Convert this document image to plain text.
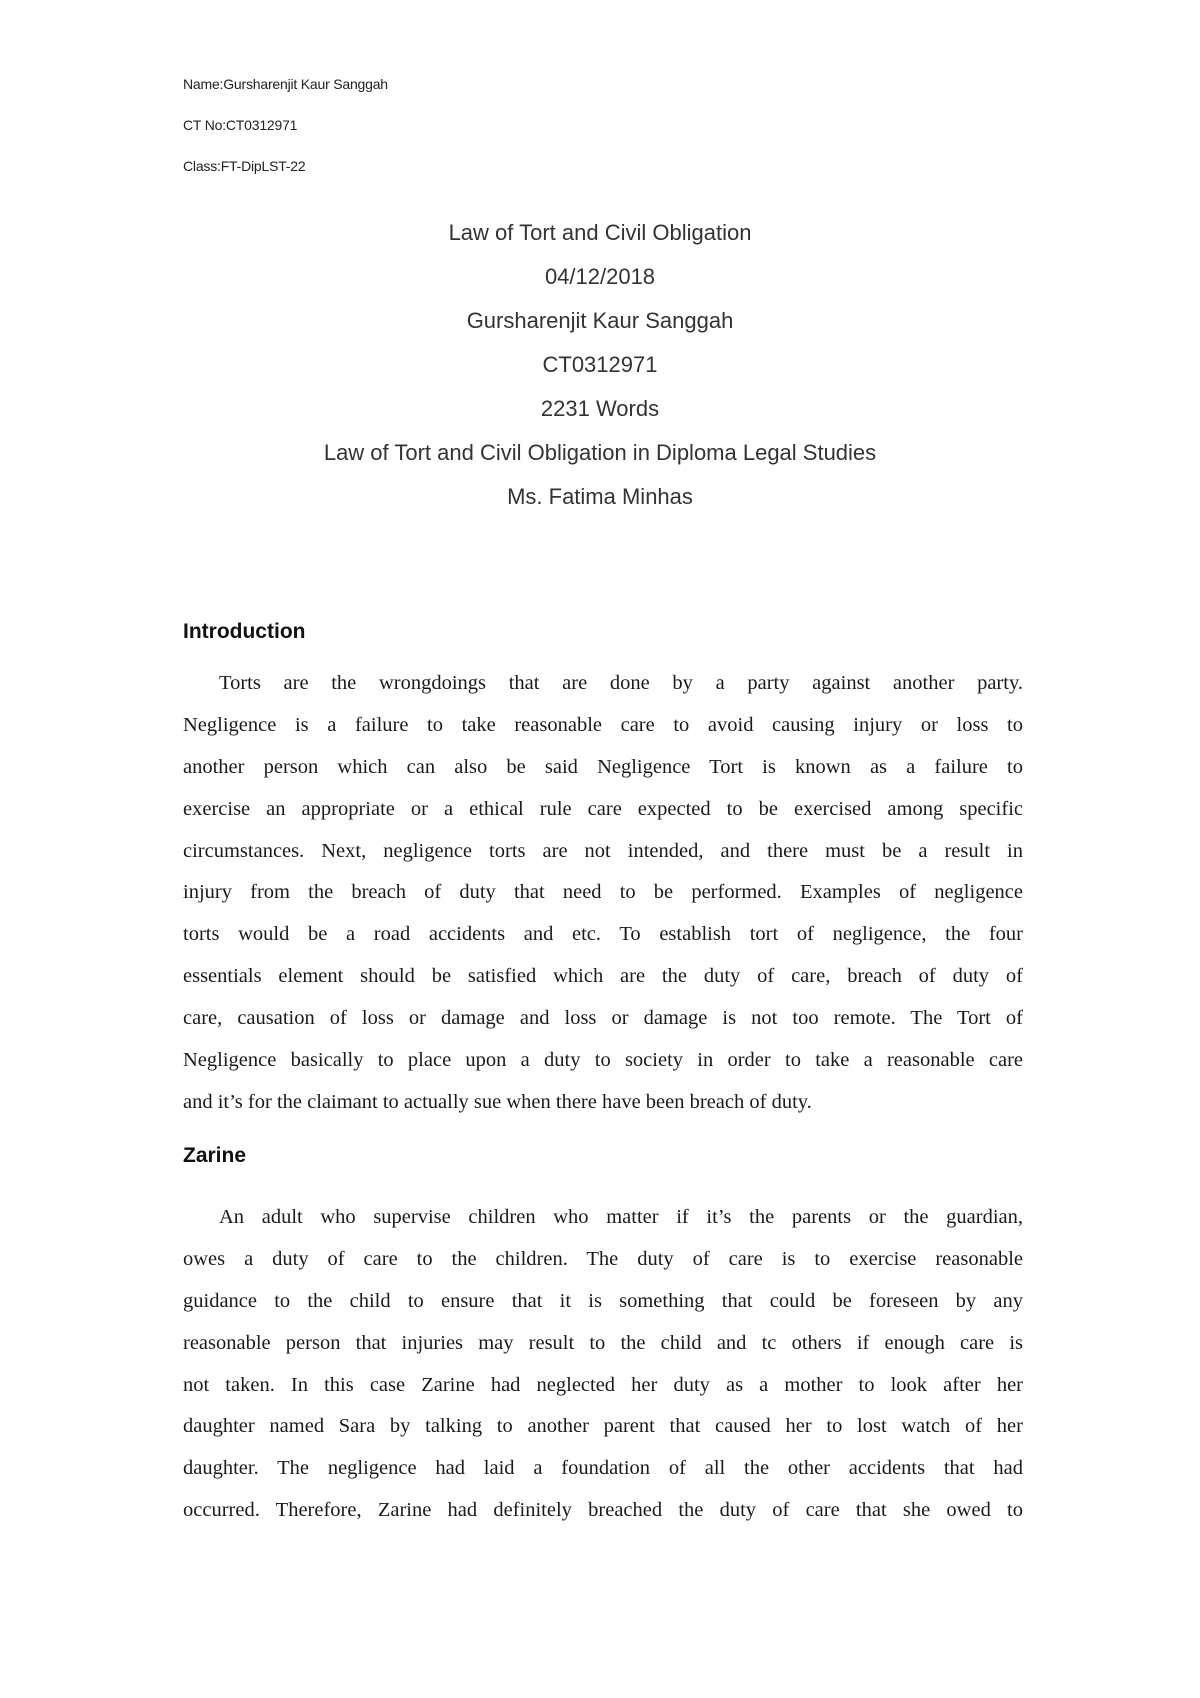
Name:Gursharenjit Kaur Sanggah
CT No:CT0312971
Class:FT-DipLST-22
Law of Tort and Civil Obligation
04/12/2018
Gursharenjit Kaur Sanggah
CT0312971
2231 Words
Law of Tort and Civil Obligation in Diploma Legal Studies
Ms. Fatima Minhas
Introduction
Torts are the wrongdoings that are done by a party against another party.
Negligence is a failure to take reasonable care to avoid causing injury or loss to
another person which can also be said Negligence Tort is known as a failure to
exercise an appropriate or a ethical rule care expected to be exercised among specific
circumstances. Next, negligence torts are not intended, and there must be a result in
injury from the breach of duty that need to be performed. Examples of negligence
torts would be a road accidents and etc. To establish tort of negligence, the four
essentials element should be satisfied which are the duty of care, breach of duty of
care, causation of loss or damage and loss or damage is not too remote. The Tort of
Negligence basically to place upon a duty to society in order to take a reasonable care
and it’s for the claimant to actually sue when there have been breach of duty.
Zarine
An adult who supervise children who matter if it’s the parents or the guardian,
owes a duty of care to the children. The duty of care is to exercise reasonable
guidance to the child to ensure that it is something that could be foreseen by any
reasonable person that injuries may result to the child and tc others if enough care is
not taken. In this case Zarine had neglected her duty as a mother to look after her
daughter named Sara by talking to another parent that caused her to lost watch of her
daughter. The negligence had laid a foundation of all the other accidents that had
occurred. Therefore, Zarine had definitely breached the duty of care that she owed to
